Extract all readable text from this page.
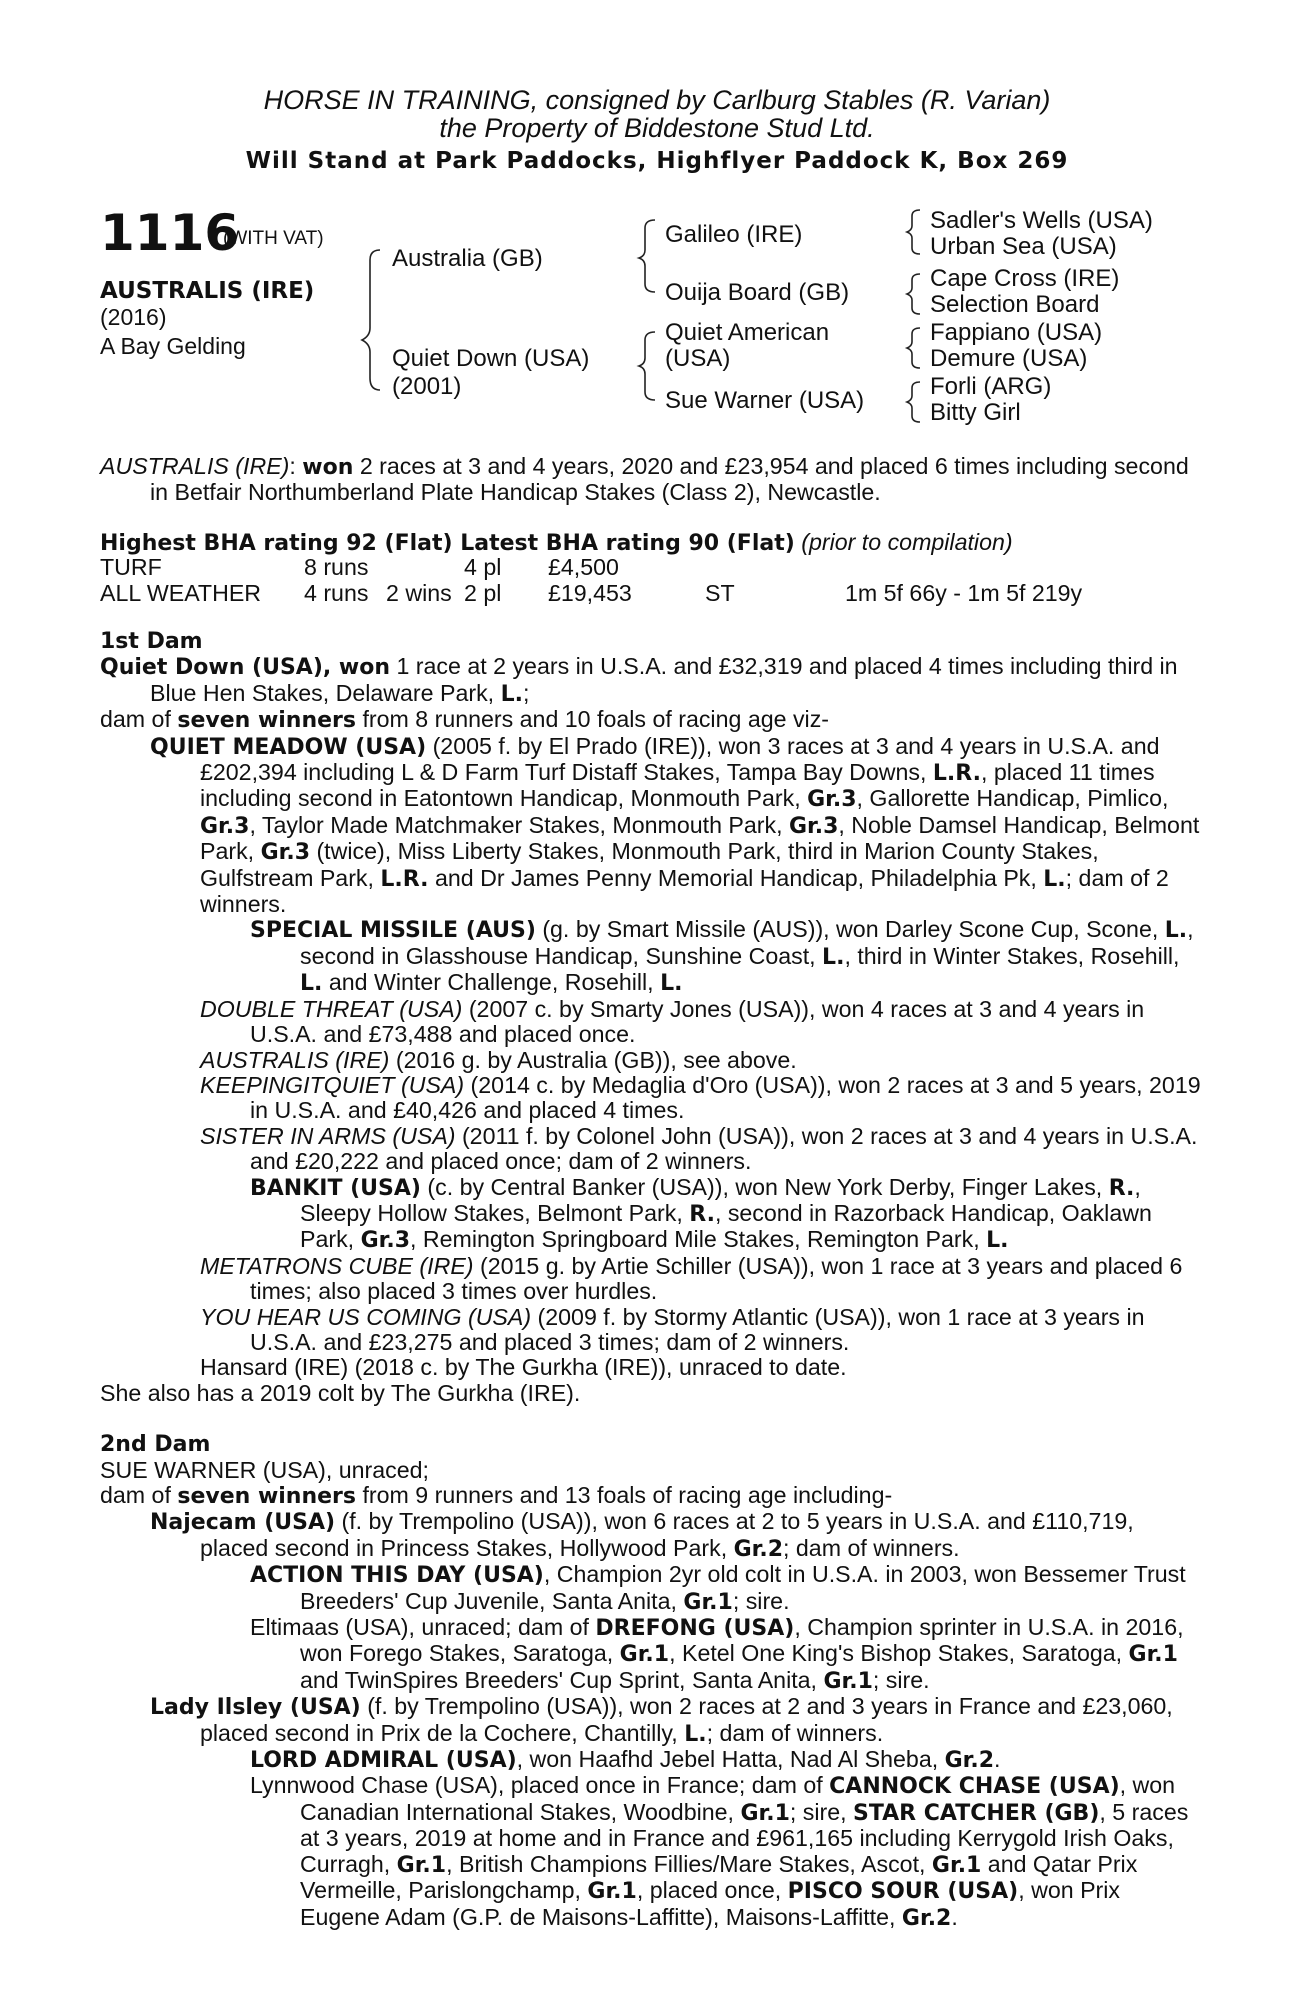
HORSE IN TRAINING, consigned by Carlburg Stables (R. Varian)
the Property of Biddestone Stud Ltd.
Will Stand at Park Paddocks, Highflyer Paddock K, Box 269
1116
(WITH VAT)
AUSTRALIS (IRE)
(2016)
A Bay Gelding
Australia (GB)
Quiet Down (USA)
(2001)
Galileo (IRE)
Ouija Board (GB)
Quiet American
(USA)
Sue Warner (USA)
Sadler's Wells (USA)
Urban Sea (USA)
Cape Cross (IRE)
Selection Board
Fappiano (USA)
Demure (USA)
Forli (ARG)
Bitty Girl

AUSTRALIS (IRE): won 2 races at 3 and 4 years, 2020 and £23,954 and placed 6 times including second in Betfair Northumberland Plate Handicap Stakes (Class 2), Newcastle.

Highest BHA rating 92 (Flat) Latest BHA rating 90 (Flat) (prior to compilation)

TURF	8 runs	4 pl £4,500
ALL WEATHER 4 runs 2 wins 2 pl £19,453	ST	1m 5f 66y - 1m 5f 219y

1st Dam

Quiet Down (USA), won 1 race at 2 years in U.S.A. and £32,319 and placed 4 times including third in Blue Hen Stakes, Delaware Park, L.;

dam of seven winners from 8 runners and 10 foals of racing age viz-

QUIET MEADOW (USA) (2005 f. by El Prado (IRE)), won 3 races at 3 and 4 years in U.S.A. and £202,394 including L & D Farm Turf Distaff Stakes, Tampa Bay Downs, L.R., placed 11 times including second in Eatontown Handicap, Monmouth Park, Gr.3, Gallorette Handicap, Pimlico, Gr.3, Taylor Made Matchmaker Stakes, Monmouth Park, Gr.3, Noble Damsel Handicap, Belmont Park, Gr.3 (twice), Miss Liberty Stakes, Monmouth Park, third in Marion County Stakes, Gulfstream Park, L.R. and Dr James Penny Memorial Handicap, Philadelphia Pk, L.; dam of 2 winners.

SPECIAL MISSILE (AUS) (g. by Smart Missile (AUS)), won Darley Scone Cup, Scone, L., second in Glasshouse Handicap, Sunshine Coast, L., third in Winter Stakes, Rosehill, L. and Winter Challenge, Rosehill, L.

DOUBLE THREAT (USA) (2007 c. by Smarty Jones (USA)), won 4 races at 3 and 4 years in U.S.A. and £73,488 and placed once.

AUSTRALIS (IRE) (2016 g. by Australia (GB)), see above.

KEEPINGITQUIET (USA) (2014 c. by Medaglia d'Oro (USA)), won 2 races at 3 and 5 years, 2019 in U.S.A. and £40,426 and placed 4 times.

SISTER IN ARMS (USA) (2011 f. by Colonel John (USA)), won 2 races at 3 and 4 years in U.S.A. and £20,222 and placed once; dam of 2 winners.

BANKIT (USA) (c. by Central Banker (USA)), won New York Derby, Finger Lakes, R., Sleepy Hollow Stakes, Belmont Park, R., second in Razorback Handicap, Oaklawn Park, Gr.3, Remington Springboard Mile Stakes, Remington Park, L.

METATRONS CUBE (IRE) (2015 g. by Artie Schiller (USA)), won 1 race at 3 years and placed 6 times; also placed 3 times over hurdles.

YOU HEAR US COMING (USA) (2009 f. by Stormy Atlantic (USA)), won 1 race at 3 years in U.S.A. and £23,275 and placed 3 times; dam of 2 winners.

Hansard (IRE) (2018 c. by The Gurkha (IRE)), unraced to date.

She also has a 2019 colt by The Gurkha (IRE).

2nd Dam

SUE WARNER (USA), unraced;

dam of seven winners from 9 runners and 13 foals of racing age including-

Najecam (USA) (f. by Trempolino (USA)), won 6 races at 2 to 5 years in U.S.A. and £110,719, placed second in Princess Stakes, Hollywood Park, Gr.2; dam of winners.

ACTION THIS DAY (USA), Champion 2yr old colt in U.S.A. in 2003, won Bessemer Trust Breeders' Cup Juvenile, Santa Anita, Gr.1; sire.

Eltimaas (USA), unraced; dam of DREFONG (USA), Champion sprinter in U.S.A. in 2016, won Forego Stakes, Saratoga, Gr.1, Ketel One King's Bishop Stakes, Saratoga, Gr.1 and TwinSpires Breeders' Cup Sprint, Santa Anita, Gr.1; sire.

Lady Ilsley (USA) (f. by Trempolino (USA)), won 2 races at 2 and 3 years in France and £23,060, placed second in Prix de la Cochere, Chantilly, L.; dam of winners.

LORD ADMIRAL (USA), won Haafhd Jebel Hatta, Nad Al Sheba, Gr.2.

Lynnwood Chase (USA), placed once in France; dam of CANNOCK CHASE (USA), won Canadian International Stakes, Woodbine, Gr.1; sire, STAR CATCHER (GB), 5 races at 3 years, 2019 at home and in France and £961,165 including Kerrygold Irish Oaks, Curragh, Gr.1, British Champions Fillies/Mare Stakes, Ascot, Gr.1 and Qatar Prix Vermeille, Parislongchamp, Gr.1, placed once, PISCO SOUR (USA), won Prix Eugene Adam (G.P. de Maisons-Laffitte), Maisons-Laffitte, Gr.2.
